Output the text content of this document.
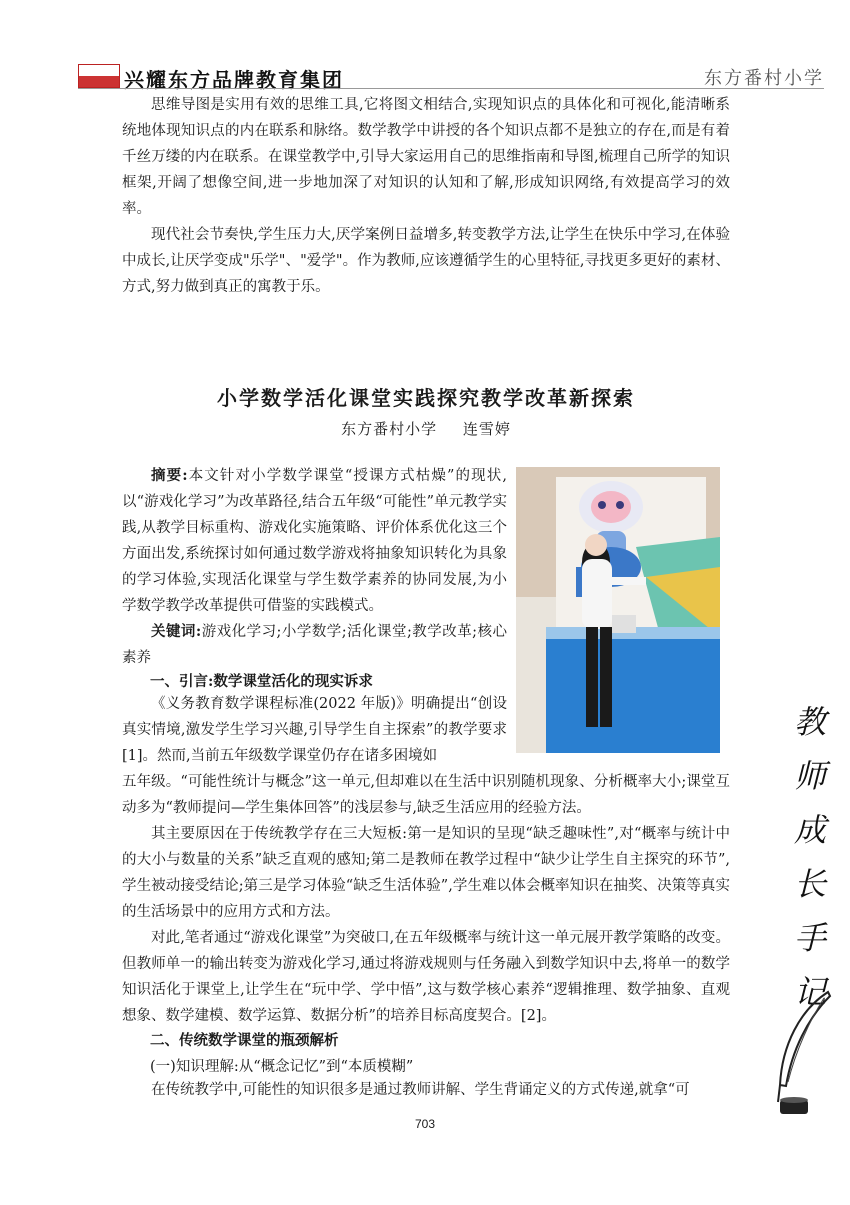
兴耀东方品牌教育集团	东方番村小学

思维导图是实用有效的思维工具,它将图文相结合,实现知识点的具体化和可视化,能清晰系统地体现知识点的内在联系和脉络。数学教学中讲授的各个知识点都不是独立的存在,而是有着千丝万缕的内在联系。在课堂教学中,引导大家运用自己的思维指南和导图,梳理自己所学的知识框架,开阔了想像空间,进一步地加深了对知识的认知和了解,形成知识网络,有效提高学习的效率。

现代社会节奏快,学生压力大,厌学案例日益增多,转变教学方法,让学生在快乐中学习,在体验中成长,让厌学变成"乐学"、"爱学"。作为教师,应该遵循学生的心里特征,寻找更多更好的素材、方式,努力做到真正的寓教于乐。

小学数学活化课堂实践探究教学改革新探索
东方番村小学 连雪婷

摘要:本文针对小学数学课堂“授课方式枯燥”的现状,以“游戏化学习”为改革路径,结合五年级“可能性”单元教学实践,从教学目标重构、游戏化实施策略、评价体系优化这三个方面出发,系统探讨如何通过数学游戏将抽象知识转化为具象的学习体验,实现活化课堂与学生数学素养的协同发展,为小学数学教学改革提供可借鉴的实践模式。

关键词:游戏化学习;小学数学;活化课堂;教学改革;核心素养

一、引言:数学课堂活化的现实诉求

《义务教育数学课程标准(2022 年版)》明确提出“创设真实情境,激发学生学习兴趣,引导学生自主探索”的教学要求[1]。然而,当前五年级数学课堂仍存在诸多困境如

五年级。“可能性统计与概念”这一单元,但却难以在生活中识别随机现象、分析概率大小;课堂互动多为“教师提问—学生集体回答”的浅层参与,缺乏生活应用的经验方法。

其主要原因在于传统教学存在三大短板:第一是知识的呈现“缺乏趣味性”,对“概率与统计中的大小与数量的关系”缺乏直观的感知;第二是教师在教学过程中“缺少让学生自主探究的环节”,学生被动接受结论;第三是学习体验“缺乏生活体验”,学生难以体会概率知识在抽奖、决策等真实的生活场景中的应用方式和方法。

对此,笔者通过“游戏化课堂”为突破口,在五年级概率与统计这一单元展开教学策略的改变。但教师单一的输出转变为游戏化学习,通过将游戏规则与任务融入到数学知识中去,将单一的数学知识活化于课堂上,让学生在“玩中学、学中悟”,这与数学核心素养“逻辑推理、数学抽象、直观想象、数学建模、数学运算、数据分析”的培养目标高度契合。[2]。

二、传统数学课堂的瓶颈解析

(一)知识理解:从“概念记忆”到“本质模糊”

在传统教学中,可能性的知识很多是通过教师讲解、学生背诵定义的方式传递,就拿“可

教
师
成
长
手
记
703
